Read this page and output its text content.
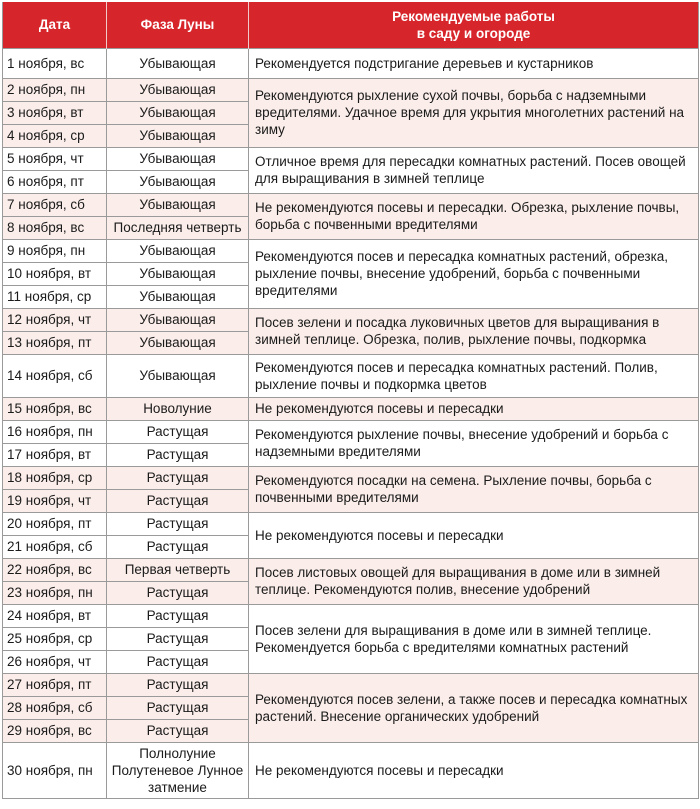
Дата	Фаза Луны	Рекомендуемые работы
в саду и огороде
1 ноября, вс	Убывающая	Рекомендуется подстригание деревьев и кустарников
2 ноября, пн	Убывающая	Рекомендуются рыхление сухой почвы, борьба с надземными вредителями. Удачное время для укрытия многолетних растений на зиму
3 ноября, вт	Убывающая	
4 ноября, ср	Убывающая	
5 ноября, чт	Убывающая	Отличное время для пересадки комнатных растений. Посев овощей для выращивания в зимней теплице
6 ноября, пт	Убывающая	
7 ноября, сб	Убывающая	Не рекомендуются посевы и пересадки. Обрезка, рыхление почвы, борьба с почвенными вредителями
8 ноября, вс	Последняя четверть	
9 ноября, пн	Убывающая	Рекомендуются посев и пересадка комнатных растений, обрезка, рыхление почвы, внесение удобрений, борьба с почвенными вредителями
10 ноября, вт	Убывающая	
11 ноября, ср	Убывающая	
12 ноября, чт	Убывающая	Посев зелени и посадка луковичных цветов для выращивания в зимней теплице. Обрезка, полив, рыхление почвы, подкормка
13 ноября, пт	Убывающая	
14 ноября, сб	Убывающая	Рекомендуются посев и пересадка комнатных растений. Полив, рыхление почвы и подкормка цветов
15 ноября, вс	Новолуние	Не рекомендуются посевы и пересадки
16 ноября, пн	Растущая	Рекомендуются рыхление почвы, внесение удобрений и борьба с надземными вредителями
17 ноября, вт	Растущая	
18 ноября, ср	Растущая	Рекомендуются посадки на семена. Рыхление почвы, борьба с почвенными вредителями
19 ноября, чт	Растущая	
20 ноября, пт	Растущая	Не рекомендуются посевы и пересадки
21 ноября, сб	Растущая	
22 ноября, вс	Первая четверть	Посев листовых овощей для выращивания в доме или в зимней теплице. Рекомендуются полив, внесение удобрений
23 ноября, пн	Растущая	
24 ноября, вт	Растущая	Посев зелени для выращивания в доме или в зимней теплице. Рекомендуется борьба с вредителями комнатных растений
25 ноября, ср	Растущая	
26 ноября, чт	Растущая	
27 ноября, пт	Растущая	Рекомендуются посев зелени, а также посев и пересадка комнатных растений. Внесение органических удобрений
28 ноября, сб	Растущая	
29 ноября, вс	Растущая	
30 ноября, пн	Полнолуние
Полутеневое Лунное
затмение	Не рекомендуются посевы и пересадки
